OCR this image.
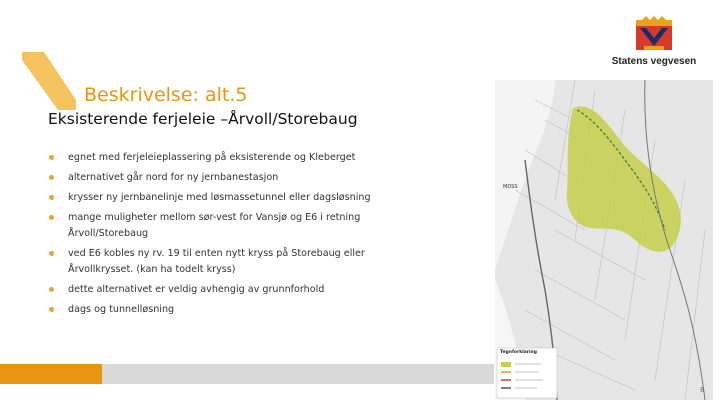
Statens vegvesen
Beskrivelse: alt.5
Eksisterende ferjeleie –Årvoll/Storebaug
egnet med ferjeleieplassering på eksisterende og Kleberget
alternativet går nord for ny jernbanestasjon
krysser ny jernbanelinje med løsmassetunnel eller dagsløsning
mange muligheter mellom sør-vest for Vansjø og E6 i retning Årvoll/Storebaug
ved E6 kobles ny rv. 19 til enten nytt kryss på Storebaug eller Årvollkrysset. (kan ha todelt kryss)
dette alternativet er veldig avhengig av grunnforhold
dags og tunnelløsning
MOSS
Tegnforklaring
8
